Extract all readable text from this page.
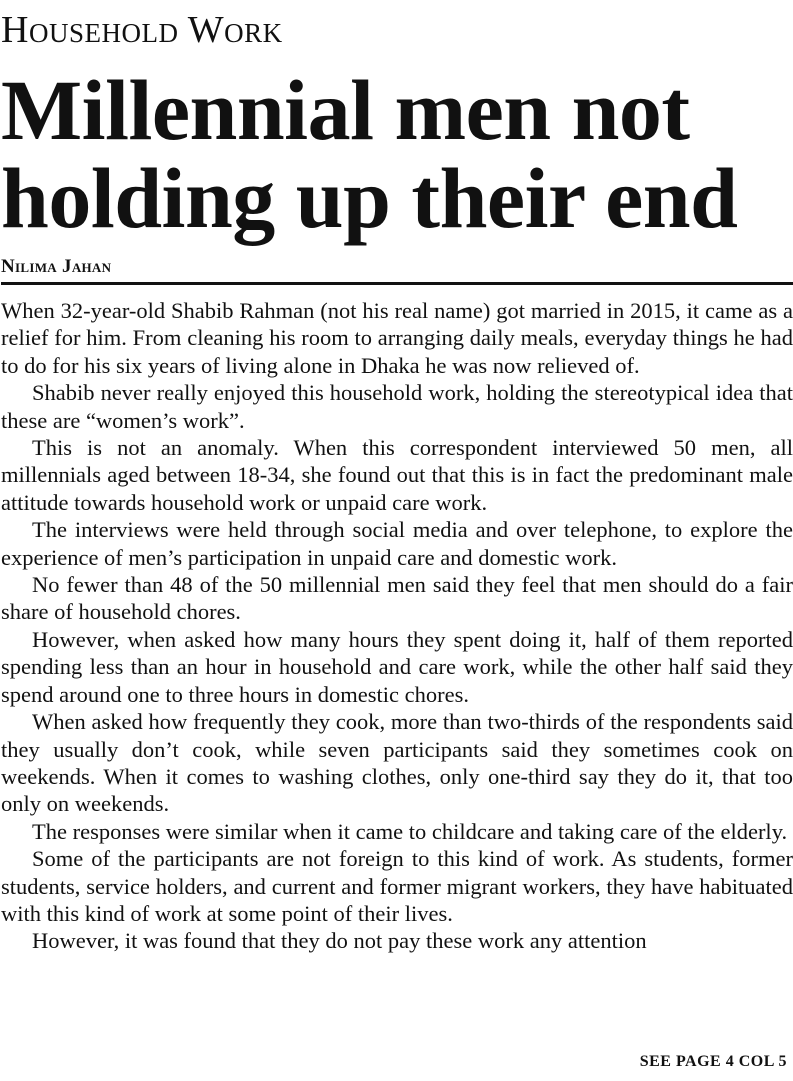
Household Work
Millennial men not holding up their end
Nilima Jahan

When 32-year-old Shabib Rahman (not his real name) got married in 2015, it came as a relief for him. From cleaning his room to arranging daily meals, everyday things he had to do for his six years of living alone in Dhaka he was now relieved of.

Shabib never really enjoyed this household work, holding the stereotypical idea that these are “women’s work”.

This is not an anomaly. When this correspondent interviewed 50 men, all millennials aged between 18-34, she found out that this is in fact the predominant male attitude towards household work or unpaid care work.

The interviews were held through social media and over telephone, to explore the experience of men’s participation in unpaid care and domestic work.

No fewer than 48 of the 50 millennial men said they feel that men should do a fair share of household chores.

However, when asked how many hours they spent doing it, half of them reported spending less than an hour in household and care work, while the other half said they spend around one to three hours in domestic chores.

When asked how frequently they cook, more than two-thirds of the respondents said they usually don’t cook, while seven participants said they sometimes cook on weekends. When it comes to washing clothes, only one-third say they do it, that too only on weekends.

The responses were similar when it came to childcare and taking care of the elderly.

Some of the participants are not foreign to this kind of work. As students, former students, service holders, and current and former migrant workers, they have habituated with this kind of work at some point of their lives.

However, it was found that they do not pay these work any attention

SEE PAGE 4 COL 5
